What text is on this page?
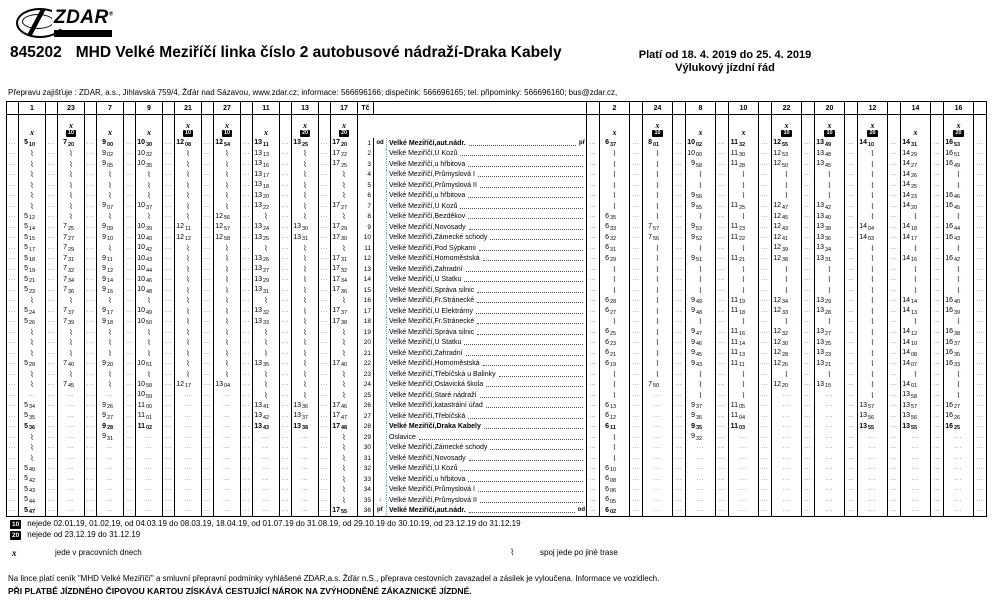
ZDAR®
845202 MHD Velké Meziříčí linka číslo 2 autobusové nádraží-Draka Kabely	Platí od 18. 4. 2019 do 25. 4. 2019
Výlukový jízdní řád
Přepravu zajišťuje : ZDAR, a.s., Jihlavská 759/4, Žďár nad Sázavou, www.zdar.cz; informace: 566696166; dispečink: 566696165; tel. připomínky: 566696160; bus@zdar.cz,
	1		23		7		9		21		27		11		13		17	Tč				2		24		8		10		22		20		12		14		16	

	x		x
10		x		x		x
10		x
10		x		x
20		x
20					x		x
10		x		x		x
10		x
10		x
20		x		x
20	

...	$5_{10}$	...	$7_{20}$	...	$9_{00}$	...	$10_{30}$	...	$12_{08}$	...	$12_{54}$	...	$13_{11}$	...	$13_{25}$	...	$17_{20}$	1	od	Velké Meziříčí,aut.nádr. př	...	$6_{37}$	...	$8_{01}$	...	$10_{02}$	...	$11_{32}$	...	$12_{55}$	...	$13_{49}$	...	$14_{10}$	...	$14_{31}$	...	$16_{53}$	...

...	⌇	...	⌇	...	$9_{02}$	...	$10_{32}$	...	⌇	...	⌇	...	$13_{13}$	...	⌇	...	$17_{22}$	2		Velké Meziříčí,U Kozů	...	⌇	...	⌇	...	$10_{00}$	...	$11_{30}$	...	$12_{53}$	...	$13_{48}$	...	⌇	...	$14_{29}$	...	$16_{51}$	...

...	⌇	...	⌇	...	$9_{05}$	...	$10_{35}$	...	⌇	...	⌇	...	$13_{16}$	...	⌇	...	$17_{25}$	3		Velké Meziříčí,u hřbitova	...	⌇	...	⌇	...	$9_{58}$	...	$11_{28}$	...	$12_{50}$	...	$13_{45}$	...	⌇	...	$14_{27}$	...	$16_{49}$	...

...	⌇	...	⌇	...	⌇	...	⌇	...	⌇	...	⌇	...	$13_{17}$	...	⌇	...	⌇	4		Velké Meziříčí,Průmyslová I	...	⌇	...	⌇	...	⌇	...	⌇	...	⌇	...	⌇	...	⌇	...	$14_{26}$	...	⌇	...

...	⌇	...	⌇	...	⌇	...	⌇	...	⌇	...	⌇	...	$13_{18}$	...	⌇	...	⌇	5		Velké Meziříčí,Průmyslová II	...	⌇	...	⌇	...	⌇	...	⌇	...	⌇	...	⌇	...	⌇	...	$14_{25}$	...	⌇	...

...	⌇	...	⌇	...	⌇	...	⌇	...	⌇	...	⌇	...	$13_{20}$	...	⌇	...	⌇	6		Velké Meziříčí,u hřbitova	...	⌇	...	⌇	...	$9_{56}$	...	⌇	...	⌇	...	⌇	...	⌇	...	$14_{23}$	...	$16_{46}$	...

...	⌇	...	⌇	...	$9_{07}$	...	$10_{37}$	...	⌇	...	⌇	...	$13_{22}$	...	⌇	...	$17_{27}$	7		Velké Meziříčí,U Kozů	...	⌇	...	⌇	...	$9_{55}$	...	$11_{25}$	...	$12_{47}$	...	$13_{42}$	...	⌇	...	$14_{20}$	...	$16_{45}$	...

...	$5_{12}$	...	⌇	...	⌇	...	⌇	...	⌇	...	$12_{56}$	...	⌇	...	⌇	...	⌇	8		Velké Meziříčí,Bezděkov	...	$6_{35}$	...	⌇	...	⌇	...	⌇	...	$12_{45}$	...	$13_{40}$	...	⌇	...	⌇	...	⌇	...

...	$5_{14}$	...	$7_{25}$	...	$9_{09}$	...	$10_{39}$	...	$12_{11}$	...	$12_{57}$	...	$13_{24}$	...	$13_{30}$	...	$17_{29}$	9		Velké Meziříčí,Novosady	...	$6_{33}$	...	$7_{57}$	...	$9_{53}$	...	$11_{23}$	...	$12_{43}$	...	$13_{38}$	...	$14_{04}$	...	$14_{18}$	...	$16_{44}$	...

...	$5_{15}$	...	$7_{27}$	...	$9_{10}$	...	$10_{40}$	...	$12_{12}$	...	$12_{58}$	...	$13_{25}$	...	$13_{31}$	...	$17_{30}$	10		Velké Meziříčí,Zámecké schody	...	$6_{32}$	...	$7_{56}$	...	$9_{52}$	...	$11_{22}$	...	$12_{41}$	...	$13_{36}$	...	$14_{03}$	...	$14_{17}$	...	$16_{43}$	...

...	$5_{17}$	...	$7_{29}$	...	⌇	...	$10_{42}$	...	⌇	...	⌇	...	⌇	...	⌇	...	⌇	11		Velké Meziříčí,Pod Sýpkami	...	$6_{31}$	...	⌇	...	⌇	...	⌇	...	$12_{39}$	...	$13_{34}$	...	⌇	...	⌇	...	⌇	...

...	$5_{18}$	...	$7_{31}$	...	$9_{11}$	...	$10_{43}$	...	⌇	...	⌇	...	$13_{26}$	...	⌇	...	$17_{31}$	12		Velké Meziříčí,Hornoměstská	...	$6_{29}$	...	⌇	...	$9_{51}$	...	$11_{21}$	...	$12_{38}$	...	$13_{31}$	...	⌇	...	$14_{16}$	...	$16_{42}$	...

...	$5_{19}$	...	$7_{32}$	...	$9_{12}$	...	$10_{44}$	...	⌇	...	⌇	...	$13_{27}$	...	⌇	...	$17_{32}$	13		Velké Meziříčí,Zahradní	...	⌇	...	⌇	...	⌇	...	⌇	...	⌇	...	⌇	...	⌇	...	⌇	...	⌇	...

...	$5_{21}$	...	$7_{34}$	...	$9_{14}$	...	$10_{46}$	...	⌇	...	⌇	...	$13_{29}$	...	⌇	...	$17_{34}$	14		Velké Meziříčí,U Statku	...	⌇	...	⌇	...	⌇	...	⌇	...	⌇	...	⌇	...	⌇	...	⌇	...	⌇	...

...	$5_{23}$	...	$7_{36}$	...	$9_{16}$	...	$10_{48}$	...	⌇	...	⌇	...	$13_{31}$	...	⌇	...	$17_{36}$	15		Velké Meziříčí,Správa silnic	...	⌇	...	⌇	...	⌇	...	⌇	...	⌇	...	⌇	...	⌇	...	⌇	...	⌇	...

...	⌇	...	⌇	...	⌇	...	⌇	...	⌇	...	⌇	...	⌇	...	⌇	...	⌇	16		Velké Meziříčí,Fr.Stránecké	...	$6_{28}$	...	⌇	...	$9_{49}$	...	$11_{19}$	...	$12_{34}$	...	$13_{29}$	...	⌇	...	$14_{14}$	...	$16_{40}$	...

...	$5_{24}$	...	$7_{37}$	...	$9_{17}$	...	$10_{49}$	...	⌇	...	⌇	...	$13_{32}$	...	⌇	...	$17_{37}$	17		Velké Meziříčí,U Elektrárny	...	$6_{27}$	...	⌇	...	$9_{48}$	...	$11_{18}$	...	$12_{33}$	...	$13_{28}$	...	⌇	...	$14_{13}$	...	$16_{39}$	...

...	$5_{26}$	...	$7_{39}$	...	$9_{18}$	...	$10_{50}$	...	⌇	...	⌇	...	$13_{33}$	...	⌇	...	$17_{38}$	18		Velké Meziříčí,Fr.Stránecké	...	⌇	...	⌇	...	⌇	...	⌇	...	⌇	...	⌇	...	⌇	...	⌇	...	⌇	...

...	⌇	...	⌇	...	⌇	...	⌇	...	⌇	...	⌇	...	⌇	...	⌇	...	⌇	19		Velké Meziříčí,Správa silnic	...	$6_{25}$	...	⌇	...	$9_{47}$	...	$11_{16}$	...	$12_{32}$	...	$13_{27}$	...	⌇	...	$14_{12}$	...	$16_{38}$	...

...	⌇	...	⌇	...	⌇	...	⌇	...	⌇	...	⌇	...	⌇	...	⌇	...	⌇	20		Velké Meziříčí,U Statku	...	$6_{23}$	...	⌇	...	$9_{46}$	...	$11_{14}$	...	$12_{30}$	...	$13_{25}$	...	⌇	...	$14_{10}$	...	$16_{37}$	...

...	⌇	...	⌇	...	⌇	...	⌇	...	⌇	...	⌇	...	⌇	...	⌇	...	⌇	21		Velké Meziříčí,Zahradní	...	$6_{21}$	...	⌇	...	$9_{45}$	...	$11_{13}$	...	$12_{28}$	...	$13_{23}$	...	⌇	...	$14_{08}$	...	$16_{35}$	...

...	$5_{28}$	...	$7_{40}$	...	$9_{20}$	...	$10_{51}$	...	⌇	...	⌇	...	$13_{35}$	...	⌇	...	$17_{40}$	22		Velké Meziříčí,Hornoměstská	...	$6_{19}$	...	⌇	...	$9_{43}$	...	$11_{11}$	...	$12_{26}$	...	$13_{21}$	...	⌇	...	$14_{07}$	...	$16_{33}$	...

...	⌇	...	⌇	...	⌇	...	⌇	...	⌇	...	⌇	...	⌇	...	⌇	...	⌇	23		Velké Meziříčí,Třebíčská u Balinky	...	⌇	...	⌇	...	⌇	...	⌇	...	⌇	...	⌇	...	⌇	...	⌇	...	⌇	...

...	⌇	...	$7_{45}$	...	⌇	...	$10_{58}$	...	$12_{17}$	...	$13_{04}$	...	⌇	...	⌇	...	⌇	24		Velké Meziříčí,Oslavická škola	...	⌇	...	$7_{50}$	...	⌇	...	⌇	...	$12_{20}$	...	$13_{15}$	...	⌇	...	$14_{01}$	...	⌇	...

...	...	...	...	...	...	...	$10_{59}$	...	...	...	...	...	⌇	...	⌇	...	⌇	25		Velké Meziříčí,Staré nádraží	...	⌇	...	...	...	⌇	...	⌇	...	...	...	...	...	⌇	...	$13_{58}$	...	⌇	...

...	$5_{34}$	...	...	...	$9_{26}$	...	$11_{00}$	...	...	...	...	...	$13_{41}$	...	$13_{36}$	...	$17_{46}$	26		Velké Meziříčí,katastrální úřad	...	$6_{13}$	...	...	...	$9_{37}$	...	$11_{05}$	...	...	...	...	...	$13_{57}$	...	$13_{57}$	...	$16_{27}$	...

...	$5_{35}$	...	...	...	$9_{27}$	...	$11_{01}$	...	...	...	...	...	$13_{42}$	...	$13_{37}$	...	$17_{47}$	27		Velké Meziříčí,Třebíčská	...	$6_{12}$	...	...	...	$9_{36}$	...	$11_{04}$	...	...	...	...	...	$13_{56}$	...	$13_{56}$	...	$16_{26}$	...

...	$5_{36}$	...	...	...	$9_{28}$	...	$11_{02}$	...	...	...	...	...	$13_{43}$	...	$13_{38}$	...	$17_{48}$	28		Velké Meziříčí,Draka Kabely	...	$6_{11}$	...	...	...	$9_{35}$	...	$11_{03}$	...	...	...	...	...	$13_{55}$	...	$13_{55}$	...	$16_{25}$	...

...	⌇	...	...	...	$9_{31}$	...	...	...	...	...	...	...	...	...	...	...	⌇	29		Oslavice	...	⌇	...	...	...	$9_{32}$	...	...	...	...	...	...	...	...	...	...	...	...	...

...	⌇	...	...	...	...	...	...	...	...	...	...	...	...	...	...	...	⌇	30		Velké Meziříčí,Zámecké schody	...	⌇	...	...	...	...	...	...	...	...	...	...	...	...	...	...	...	...	...

...	⌇	...	...	...	...	...	...	...	...	...	...	...	...	...	...	...	⌇	31		Velké Meziříčí,Novosady	...	⌇	...	...	...	...	...	...	...	...	...	...	...	...	...	...	...	...	...

...	$5_{40}$	...	...	...	...	...	...	...	...	...	...	...	...	...	...	...	⌇	32		Velké Meziříčí,U Kozů	...	$6_{10}$	...	...	...	...	...	...	...	...	...	...	...	...	...	...	...	...	...

...	$5_{42}$	...	...	...	...	...	...	...	...	...	...	...	...	...	...	...	⌇	33		Velké Meziříčí,u hřbitova	...	$6_{08}$	...	...	...	...	...	...	...	...	...	...	...	...	...	...	...	...	...

...	$5_{43}$	...	...	...	...	...	...	...	...	...	...	...	...	...	...	...	⌇	34		Velké Meziříčí,Průmyslová I	...	$6_{06}$	...	...	...	...	...	...	...	...	...	...	...	...	...	...	...	...	...

...	$5_{44}$	...	...	...	...	...	...	...	...	...	...	...	...	...	...	...	⌇	35	↓	Velké Meziříčí,Průmyslová II	...	$6_{05}$	...	...	...	...	...	...	...	...	...	...	...	...	...	...	...	...	...

...	$5_{47}$	...	...	...	...	...	...	...	...	...	...	...	...	...	...	...	$17_{55}$	36	př	Velké Meziříčí,aut.nádr. od	...	$6_{02}$	...	...	...	...	...	...	...	...	...	...	...	...	...	...	...	...	...
10 nejede 02.01.19, 01.02.19, od 04.03.19 do 08.03.19, 18.04.19, od 01.07.19 do 31.08.19, od 29.10.19 do 30.10.19, od 23.12.19 do 31.12.19
20 nejede od 23.12.19 do 31.12.19
x	jede v pracovních dnech	⌇	spoj jede po jiné trase
Na lince platí ceník "MHD Velké Meziříčí" a smluvní přepravní podmínky vyhlášené ZDAR,a.s. Žďár n.S., přeprava cestovních zavazadel a zásilek je vyloučena. Informace ve vozidlech.
PŘI PLATBĚ JÍZDNÉHO ČIPOVOU KARTOU ZÍSKÁVÁ CESTUJÍCÍ NÁROK NA ZVÝHODNĚNÉ ZÁKAZNICKÉ JÍZDNÉ.
